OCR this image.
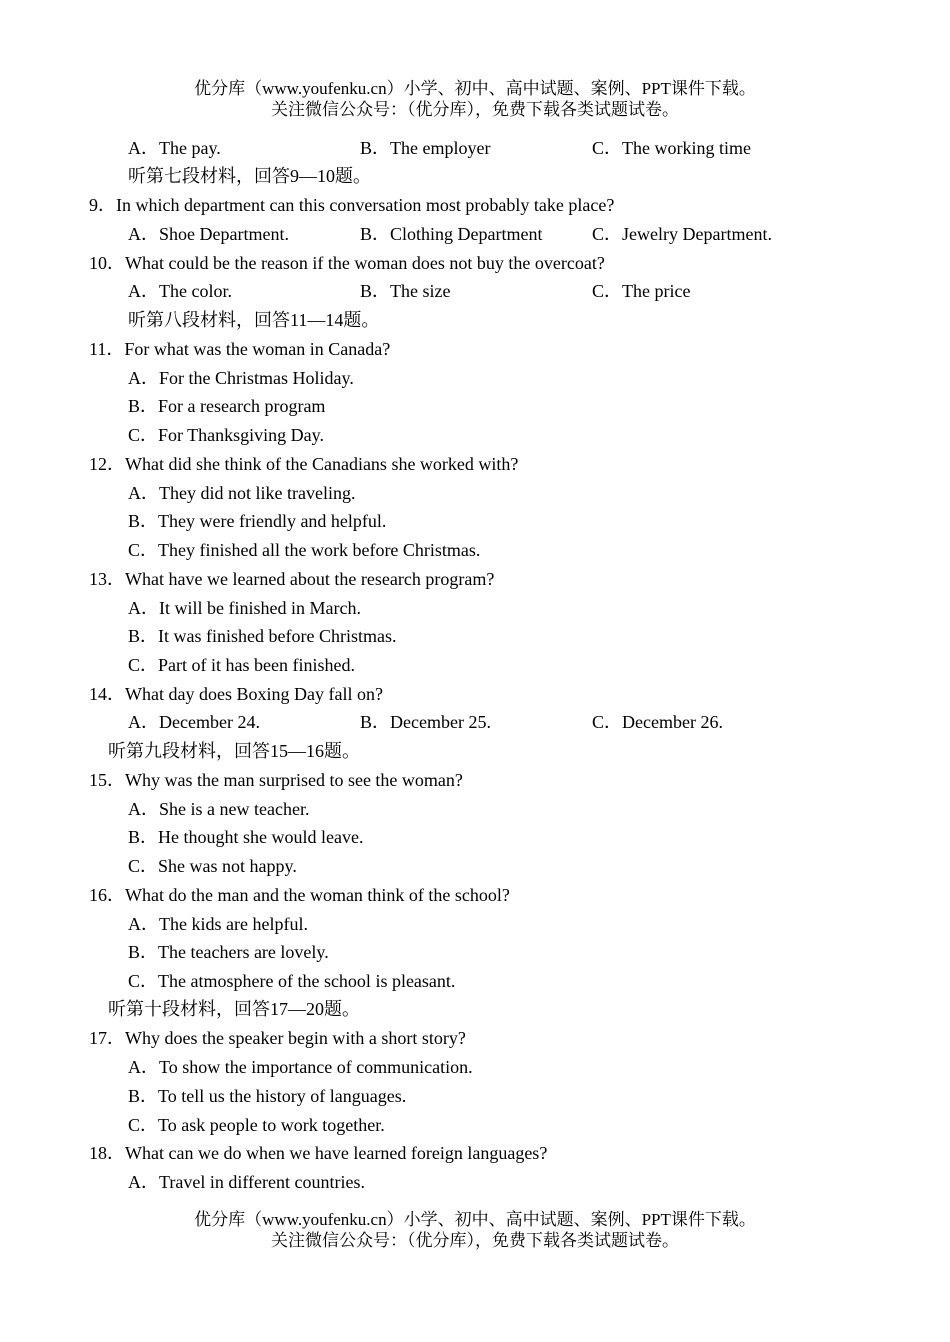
优分库（www.youfenku.cn）小学、初中、高中试题、案例、PPT课件下载。
关注微信公众号：（优分库），免费下载各类试题试卷。
A．The pay.	B．The employer	C．The working time
听第七段材料，回答9—10题。
9．In which department can this conversation most probably take place?
A．Shoe Department.	B．Clothing Department	C．Jewelry Department.
10．What could be the reason if the woman does not buy the overcoat?
A．The color.	B．The size	C．The price
听第八段材料，回答11—14题。
11．For what was the woman in Canada?
A．For the Christmas Holiday.
B．For a research program
C．For Thanksgiving Day.
12．What did she think of the Canadians she worked with?
A．They did not like traveling.
B．They were friendly and helpful.
C．They finished all the work before Christmas.
13．What have we learned about the research program?
A．It will be finished in March.
B．It was finished before Christmas.
C．Part of it has been finished.
14．What day does Boxing Day fall on?
A．December 24.	B．December 25.	C．December 26.
听第九段材料，回答15—16题。
15．Why was the man surprised to see the woman?
A．She is a new teacher.
B．He thought she would leave.
C．She was not happy.
16．What do the man and the woman think of the school?
A．The kids are helpful.
B．The teachers are lovely.
C．The atmosphere of the school is pleasant.
听第十段材料，回答17—20题。
17．Why does the speaker begin with a short story?
A．To show the importance of communication.
B．To tell us the history of languages.
C．To ask people to work together.
18．What can we do when we have learned foreign languages?
A．Travel in different countries.
优分库（www.youfenku.cn）小学、初中、高中试题、案例、PPT课件下载。
关注微信公众号：（优分库），免费下载各类试题试卷。
